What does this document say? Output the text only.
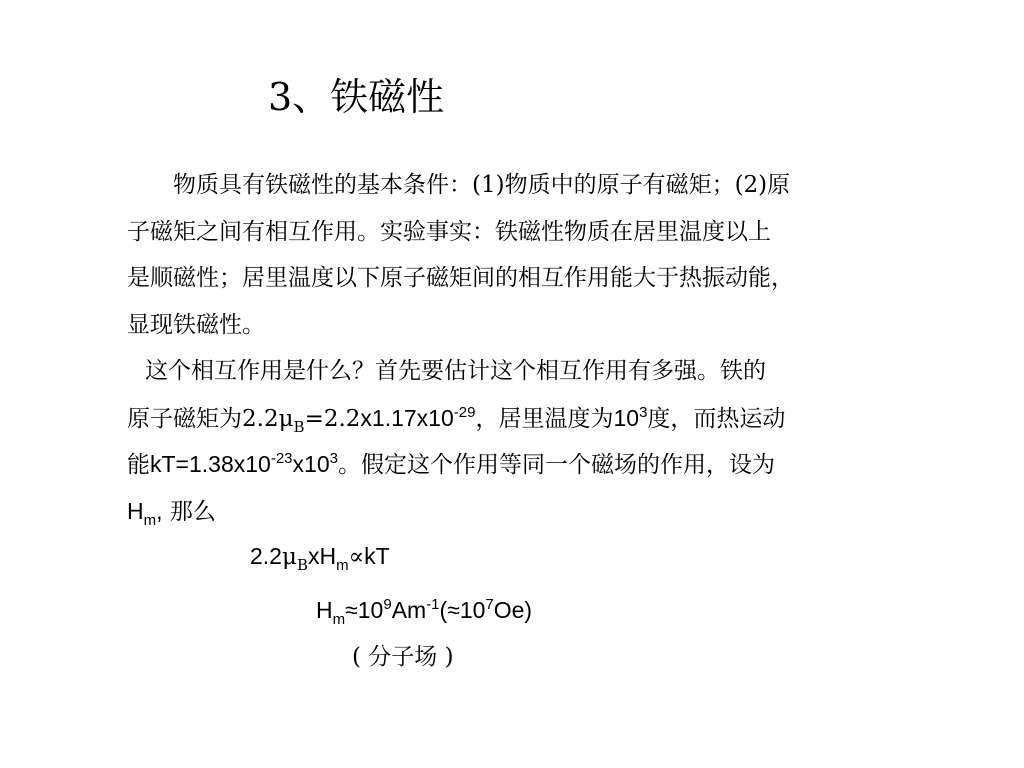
3、铁磁性
物质具有铁磁性的基本条件：(1)物质中的原子有磁矩；(2)原
子磁矩之间有相互作用。实验事实：铁磁性物质在居里温度以上
是顺磁性；居里温度以下原子磁矩间的相互作用能大于热振动能，
显现铁磁性。
这个相互作用是什么？首先要估计这个相互作用有多强。铁的
原子磁矩为$2.2\mu_B=2.2x1.17x10^{-29}$，居里温度为$10^3$度，而热运动
能$kT=1.38x10^{-23}x10^3$。假定这个作用等同一个磁场的作用，设为
$H_m$, 那么
$2.2\mu_BxH_m\propto kT$
$H_m\approx 10^9Am^{-1}(\approx 10^7Oe)$
( 分子场 )
